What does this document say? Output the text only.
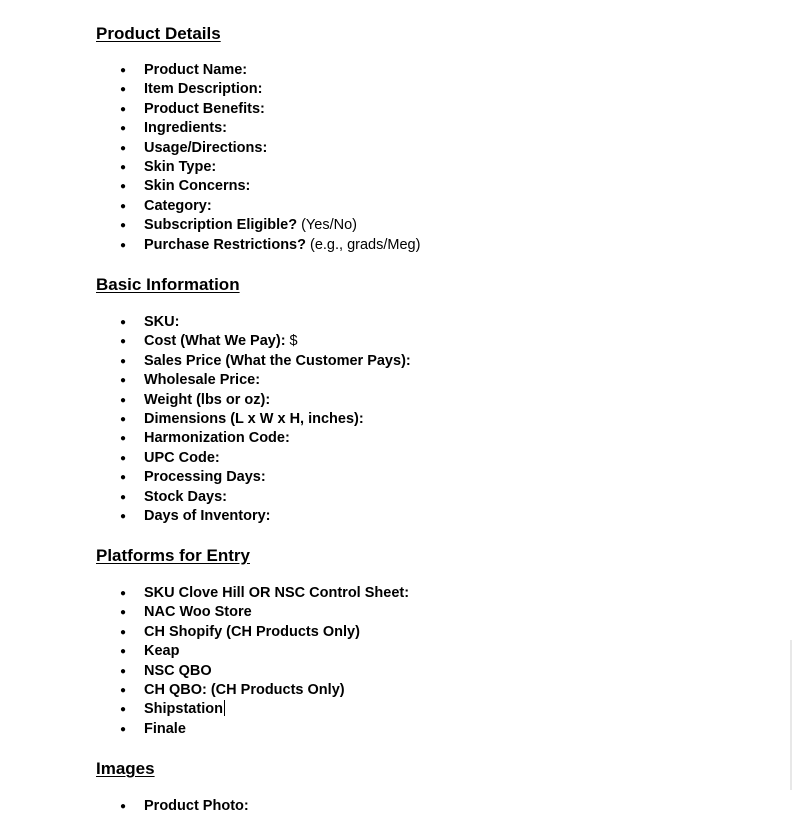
Product Details
● Product Name:
● Item Description:
● Product Benefits:
● Ingredients:
● Usage/Directions:
● Skin Type:
● Skin Concerns:
● Category:
● Subscription Eligible? (Yes/No)
● Purchase Restrictions? (e.g., grads/Meg)
Basic Information
● SKU:
● Cost (What We Pay): $
● Sales Price (What the Customer Pays):
● Wholesale Price:
● Weight (lbs or oz):
● Dimensions (L x W x H, inches):
● Harmonization Code:
● UPC Code:
● Processing Days:
● Stock Days:
● Days of Inventory:
Platforms for Entry
● SKU Clove Hill OR NSC Control Sheet:
● NAC Woo Store
● CH Shopify (CH Products Only)
● Keap
● NSC QBO
● CH QBO: (CH Products Only)
● Shipstation
● Finale
Images
● Product Photo:
